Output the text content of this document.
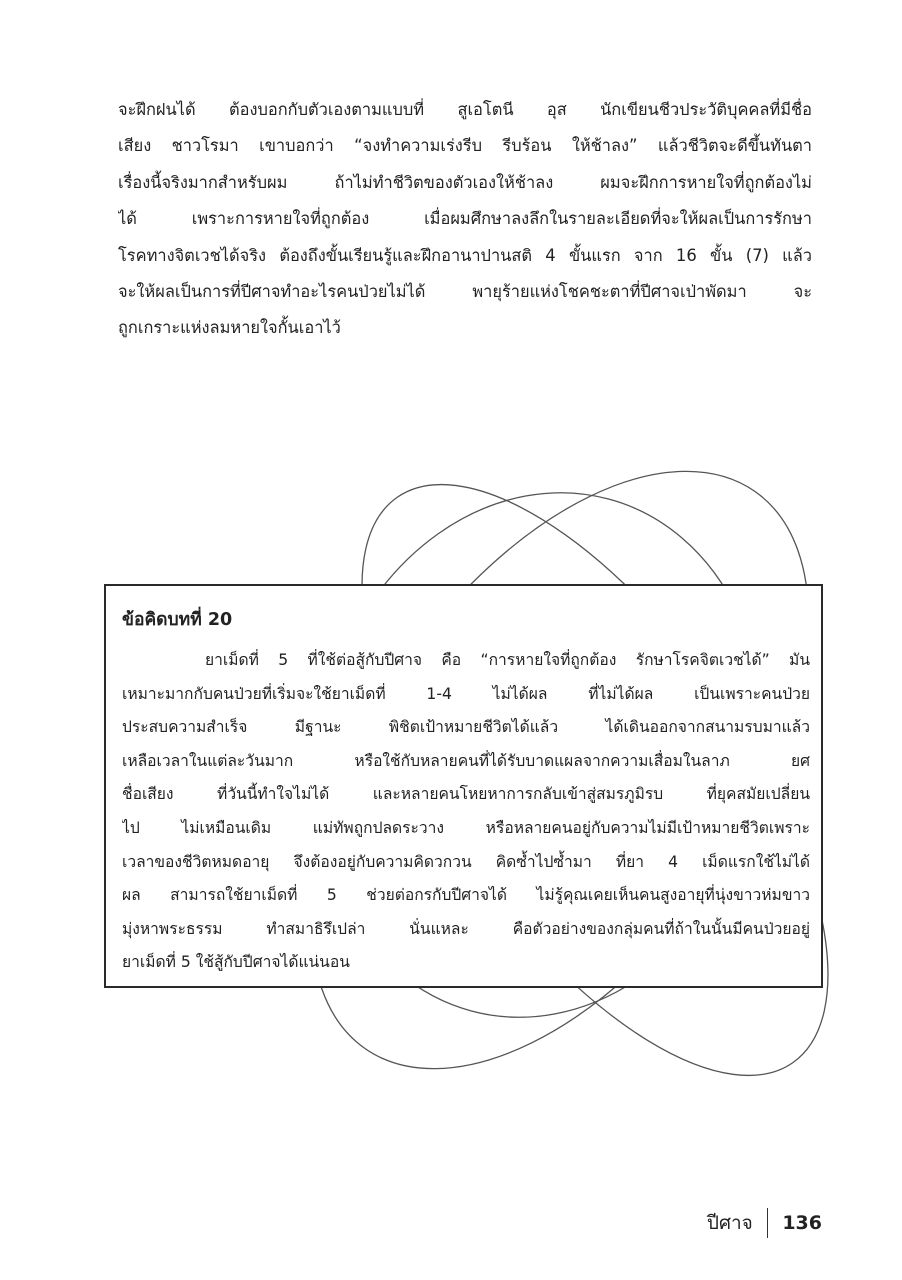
จะฝึกฝนได้ ต้องบอกกับตัวเองตามแบบที่ สูเอโตนี อุส นักเขียนชีวประวัติบุคคลที่มีชื่อ
เสียง ชาวโรมา เขาบอกว่า “จงทำความเร่งรีบ รีบร้อน ให้ช้าลง” แล้วชีวิตจะดีขึ้นทันตา
เรื่องนี้จริงมากสำหรับผม ถ้าไม่ทำชีวิตของตัวเองให้ช้าลง ผมจะฝึกการหายใจที่ถูกต้องไม่
ได้ เพราะการหายใจที่ถูกต้อง เมื่อผมศึกษาลงลึกในรายละเอียดที่จะให้ผลเป็นการรักษา
โรคทางจิตเวชได้จริง ต้องถึงขั้นเรียนรู้และฝึกอานาปานสติ 4 ขั้นแรก จาก 16 ขั้น (7) แล้ว
จะให้ผลเป็นการที่ปีศาจทำอะไรคนป่วยไม่ได้ พายุร้ายแห่งโชคชะตาที่ปีศาจเป่าพัดมา จะ
ถูกเกราะแห่งลมหายใจกั้นเอาไว้
ข้อคิดบทที่ 20
ยาเม็ดที่ 5 ที่ใช้ต่อสู้กับปีศาจ คือ “การหายใจที่ถูกต้อง รักษาโรคจิตเวชได้” มัน
เหมาะมากกับคนป่วยที่เริ่มจะใช้ยาเม็ดที่ 1-4 ไม่ได้ผล ที่ไม่ได้ผล เป็นเพราะคนป่วย
ประสบความสำเร็จ มีฐานะ พิชิตเป้าหมายชีวิตได้แล้ว ได้เดินออกจากสนามรบมาแล้ว
เหลือเวลาในแต่ละวันมาก หรือใช้กับหลายคนที่ได้รับบาดแผลจากความเสื่อมในลาภ ยศ
ชื่อเสียง ที่วันนี้ทำใจไม่ได้ และหลายคนโหยหาการกลับเข้าสู่สมรภูมิรบ ที่ยุคสมัยเปลี่ยน
ไป ไม่เหมือนเดิม แม่ทัพถูกปลดระวาง หรือหลายคนอยู่กับความไม่มีเป้าหมายชีวิตเพราะ
เวลาของชีวิตหมดอายุ จึงต้องอยู่กับความคิดวกวน คิดซ้ำไปซ้ำมา ที่ยา 4 เม็ดแรกใช้ไม่ได้
ผล สามารถใช้ยาเม็ดที่ 5 ช่วยต่อกรกับปีศาจได้ ไม่รู้คุณเคยเห็นคนสูงอายุที่นุ่งขาวห่มขาว
มุ่งหาพระธรรม ทำสมาธิรึเปล่า นั่นแหละ คือตัวอย่างของกลุ่มคนที่ถ้าในนั้นมีคนป่วยอยู่
ยาเม็ดที่ 5 ใช้สู้กับปีศาจได้แน่นอน
ปีศาจ 136
